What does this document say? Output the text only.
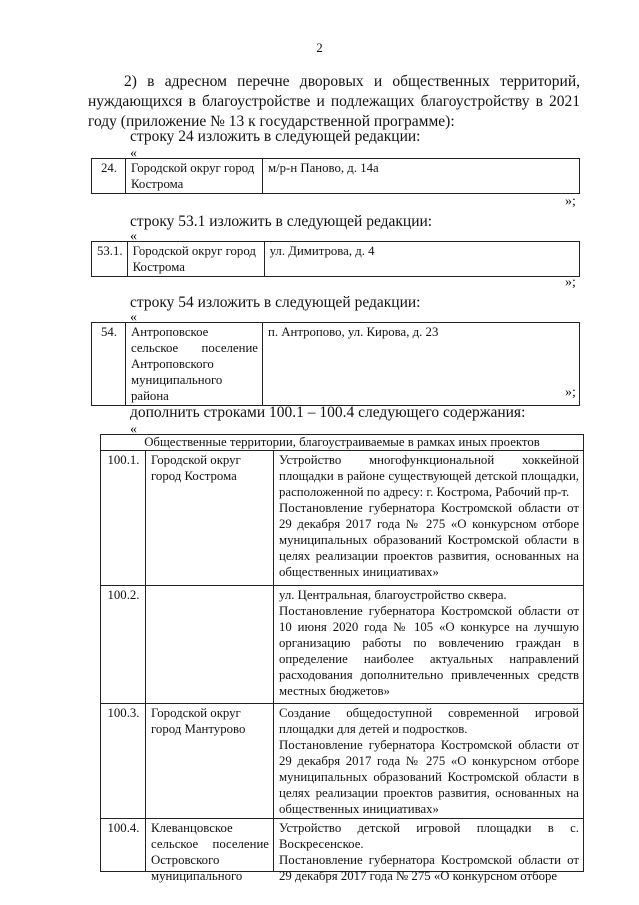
2
2) в адресном перечне дворовых и общественных территорий, нуждающихся в благоустройстве и подлежащих благоустройству в 2021 году (приложение № 13 к государственной программе):
строку 24 изложить в следующей редакции:
«
24.	Городской округ город Кострома	м/р-н Паново, д. 14а
»;
строку 53.1 изложить в следующей редакции:
«
53.1.	Городской округ город Кострома	ул. Димитрова, д. 4
»;
строку 54 изложить в следующей редакции:
«
54.	Антроповское сельское поселение Антроповского муниципального района	п. Антропово, ул. Кирова, д. 23
»;
дополнить строками 100.1 – 100.4 следующего содержания:
«
Общественные территории, благоустраиваемые в рамках иных проектов		
100.1.	Городской округ город Кострома	Устройство многофункциональной хоккейной площадки в районе существующей детской площадки, расположенной по адресу: г. Кострома, Рабочий пр-т.
Постановление губернатора Костромской области от 29 декабря 2017 года № 275 «О конкурсном отборе муниципальных образований Костромской области в целях реализации проектов развития, основанных на общественных инициативах»

100.2.		ул. Центральная, благоустройство сквера.
Постановление губернатора Костромской области от 10 июня 2020 года № 105 «О конкурсе на лучшую организацию работы по вовлечению граждан в определение наиболее актуальных направлений расходования дополнительно привлеченных средств местных бюджетов»

100.3.	Городской округ город Мантурово	Создание общедоступной современной игровой площадки для детей и подростков.
Постановление губернатора Костромской области от 29 декабря 2017 года № 275 «О конкурсном отборе муниципальных образований Костромской области в целях реализации проектов развития, основанных на общественных инициативах»

100.4.	Клеванцовское сельское поселение Островского муниципального	Устройство детской игровой площадки в с. Воскресенское.
Постановление губернатора Костромской области от 29 декабря 2017 года № 275 «О конкурсном отборе
